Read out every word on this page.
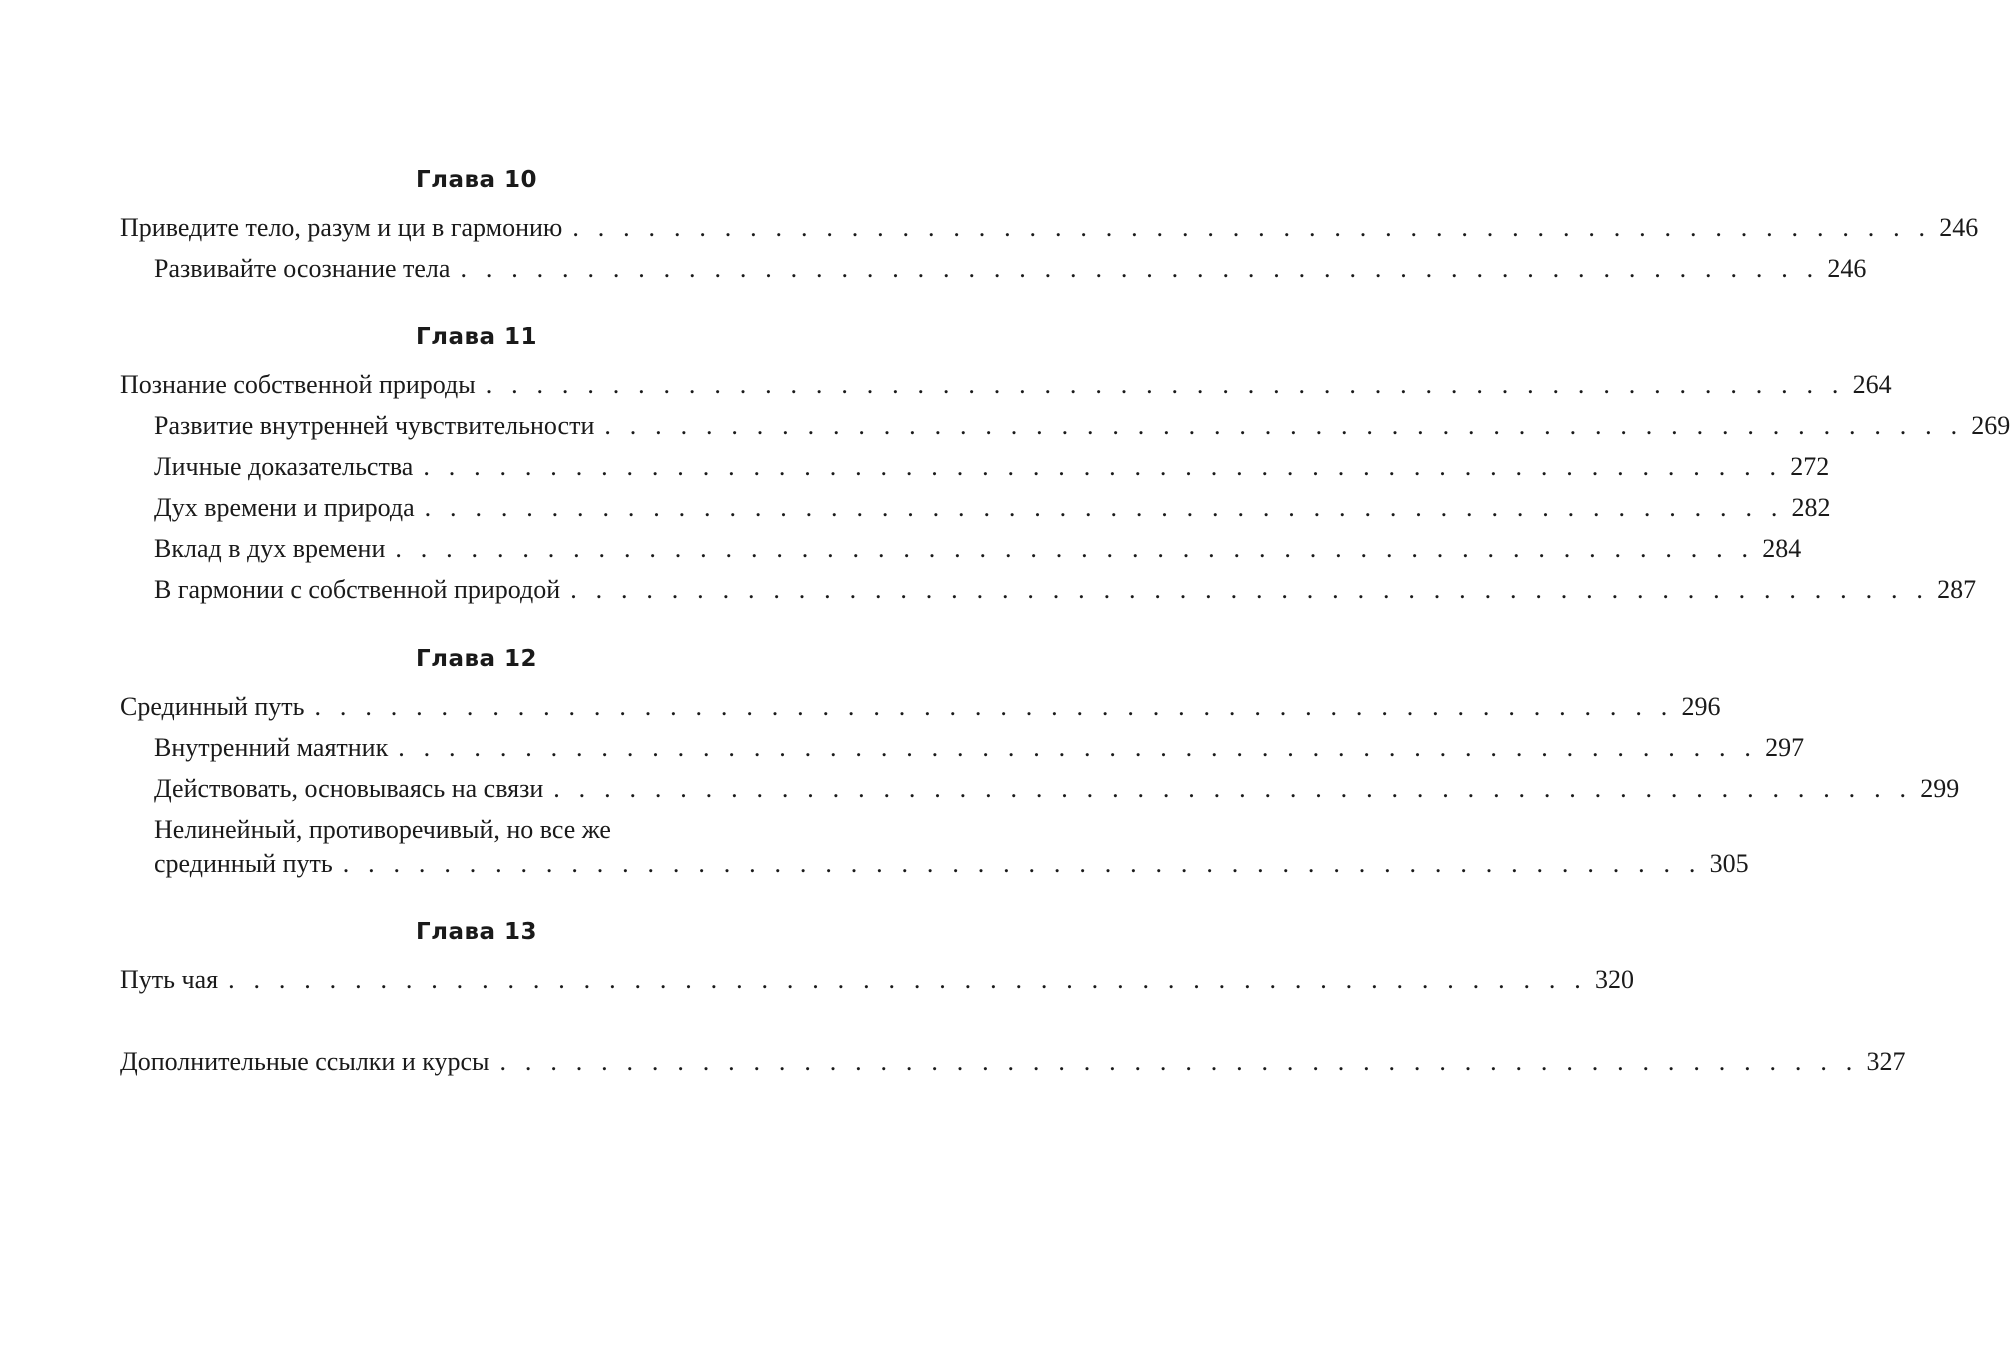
Глава 10
Приведите тело, разум и ци в гармонию . . . . . . . . . . . . . . . . . . . . . . . . . . . . . . . . . . . . . . . . . . . . . . . . . . . . . . 246
Развивайте осознание тела . . . . . . . . . . . . . . . . . . . . . . . . . . . . . . . . . . . . . . . . . . . . . . . . . . . . . . 246
Глава 11
Познание собственной природы . . . . . . . . . . . . . . . . . . . . . . . . . . . . . . . . . . . . . . . . . . . . . . . . . . . . . . 264
Развитие внутренней чувствительности . . . . . . . . . . . . . . . . . . . . . . . . . . . . . . . . . . . . . . . . . . . . . . . . . . . . . . 269
Личные доказательства . . . . . . . . . . . . . . . . . . . . . . . . . . . . . . . . . . . . . . . . . . . . . . . . . . . . . . 272
Дух времени и природа . . . . . . . . . . . . . . . . . . . . . . . . . . . . . . . . . . . . . . . . . . . . . . . . . . . . . . 282
Вклад в дух времени . . . . . . . . . . . . . . . . . . . . . . . . . . . . . . . . . . . . . . . . . . . . . . . . . . . . . . 284
В гармонии с собственной природой . . . . . . . . . . . . . . . . . . . . . . . . . . . . . . . . . . . . . . . . . . . . . . . . . . . . . . 287
Глава 12
Срединный путь . . . . . . . . . . . . . . . . . . . . . . . . . . . . . . . . . . . . . . . . . . . . . . . . . . . . . . 296
Внутренний маятник . . . . . . . . . . . . . . . . . . . . . . . . . . . . . . . . . . . . . . . . . . . . . . . . . . . . . . 297
Действовать, основываясь на связи . . . . . . . . . . . . . . . . . . . . . . . . . . . . . . . . . . . . . . . . . . . . . . . . . . . . . . 299
Нелинейный, противоречивый, но все же
срединный путь . . . . . . . . . . . . . . . . . . . . . . . . . . . . . . . . . . . . . . . . . . . . . . . . . . . . . . 305
Глава 13
Путь чая . . . . . . . . . . . . . . . . . . . . . . . . . . . . . . . . . . . . . . . . . . . . . . . . . . . . . . 320
Дополнительные ссылки и курсы . . . . . . . . . . . . . . . . . . . . . . . . . . . . . . . . . . . . . . . . . . . . . . . . . . . . . . 327
